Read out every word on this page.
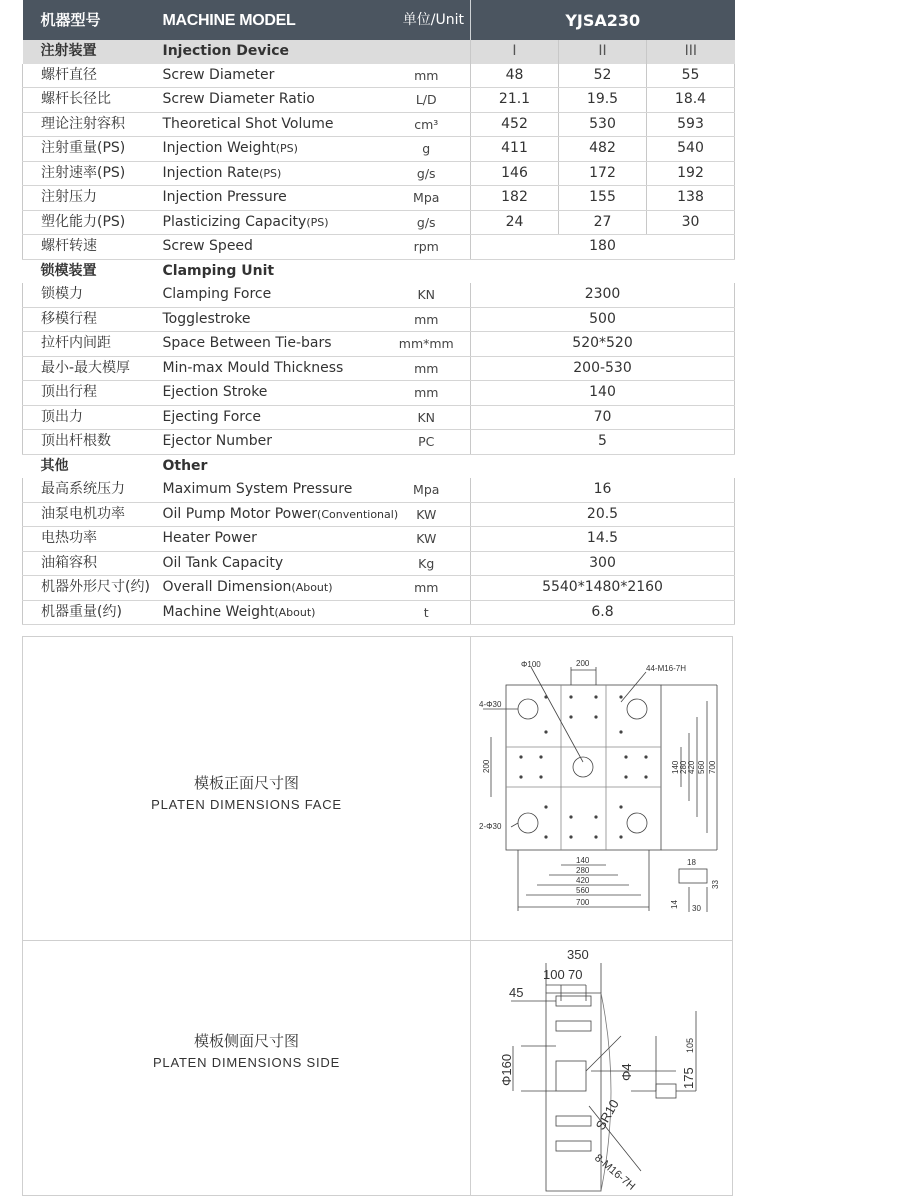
机器型号	MACHINE MODEL	单位/Unit	YJSA230		
注射装置	Injection Device		I	II	III
螺杆直径	Screw Diameter	mm	48	52	55
螺杆长径比	Screw Diameter Ratio	L/D	21.1	19.5	18.4
理论注射容积	Theoretical Shot Volume	cm³	452	530	593
注射重量(PS)	Injection Weight(PS)	g	411	482	540
注射速率(PS)	Injection Rate(PS)	g/s	146	172	192
注射压力	Injection Pressure	Mpa	182	155	138
塑化能力(PS)	Plasticizing Capacity(PS)	g/s	24	27	30
螺杆转速	Screw Speed	rpm	180		
锁模装置	Clamping Unit				
锁模力	Clamping Force	KN	2300		
移模行程	Togglestroke	mm	500		
拉杆内间距	Space Between Tie-bars	mm*mm	520*520		
最小-最大模厚	Min-max Mould Thickness	mm	200-530		
顶出行程	Ejection Stroke	mm	140		
顶出力	Ejecting Force	KN	70		
顶出杆根数	Ejector Number	PC	5		
其他	Other				
最高系统压力	Maximum System Pressure	Mpa	16		
油泵电机功率	Oil Pump Motor Power(Conventional)	KW	20.5		
电热功率	Heater Power	KW	14.5		
油箱容积	Oil Tank Capacity	Kg	300		
机器外形尺寸(约)	Overall Dimension(About)	mm	5540*1480*2160		
机器重量(约)	Machine Weight(About)	t	6.8		
模板正面尺寸图
PLATEN DIMENSIONS FACE
模板侧面尺寸图
PLATEN DIMENSIONS SIDE
Φ100	200
44-M16-7H
4-Φ30
2-Φ30
200	140 280 420 560 700
140
280
420
560
700
18
33
14 30
350
100 70
45
Φ160	Φ4
SR10
8-M16-7H
105
175
